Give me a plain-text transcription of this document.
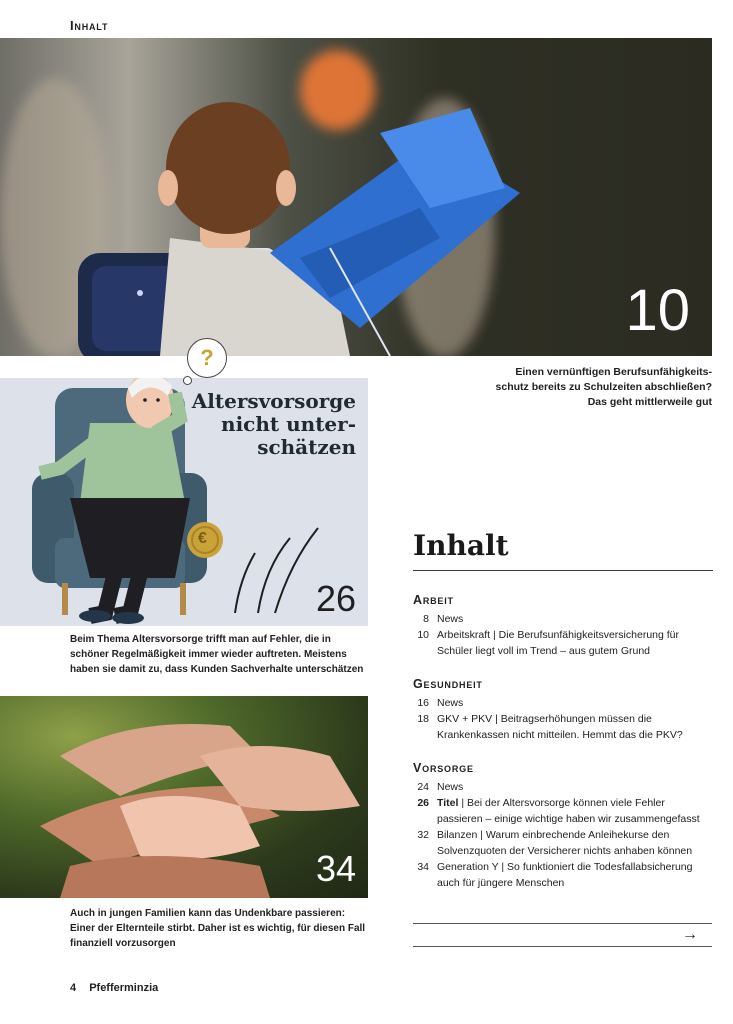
Inhalt
10
Einen vernünftigen Berufsunfähigkeits-schutz bereits zu Schulzeiten abschließen? Das geht mittlerweile gut
€
Altersvorsorge
nicht unter-
schätzen
26
?
Beim Thema Altersvorsorge trifft man auf Fehler, die in schöner Regelmäßigkeit immer wieder auftreten. Meistens haben sie damit zu, dass Kunden Sachverhalte unterschätzen
34
Auch in jungen Familien kann das Undenkbare passieren: Einer der Elternteile stirbt. Daher ist es wichtig, für diesen Fall finanziell vorzusorgen
Inhalt
Arbeit
8 News
10 Arbeitskraft | Die Berufsunfähigkeitsversicherung für Schüler liegt voll im Trend – aus gutem Grund
Gesundheit
16 News
18 GKV + PKV | Beitragserhöhungen müssen die Krankenkassen nicht mitteilen. Hemmt das die PKV?
Vorsorge
24 News
26 Titel | Bei der Altersvorsorge können viele Fehler passieren – einige wichtige haben wir zusammengefasst
32 Bilanzen | Warum einbrechende Anleihekurse den Solvenzquoten der Versicherer nichts anhaben können
34 Generation Y | So funktioniert die Todesfallabsicherung auch für jüngere Menschen
→
4 Pfefferminzia
